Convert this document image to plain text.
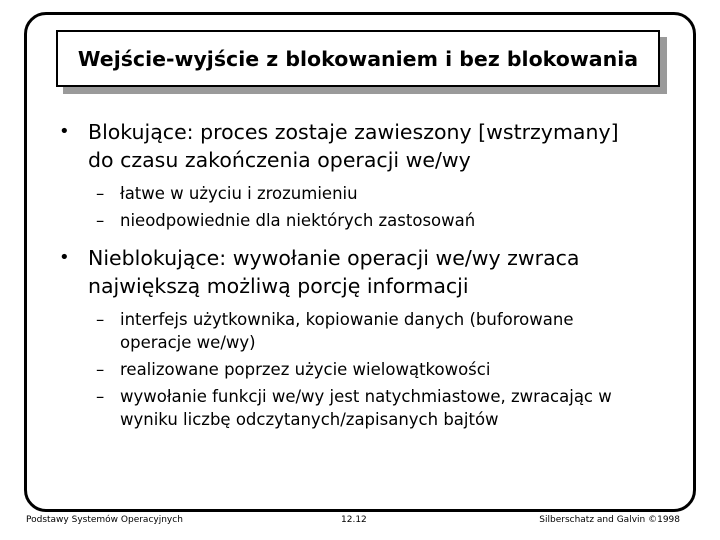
Wejście-wyjście z blokowaniem i bez blokowania
• Blokujące: proces zostaje zawieszony [wstrzymany]
do czasu zakończenia operacji we/wy
– łatwe w użyciu i zrozumieniu
– nieodpowiednie dla niektórych zastosowań
• Nieblokujące: wywołanie operacji we/wy zwraca
największą możliwą porcję informacji
– interfejs użytkownika, kopiowanie danych (buforowane
operacje we/wy)
– realizowane poprzez użycie wielowątkowości
– wywołanie funkcji we/wy jest natychmiastowe, zwracając w
wyniku liczbę odczytanych/zapisanych bajtów
Podstawy Systemów Operacyjnych	12.12	Silberschatz and Galvin ©1998
